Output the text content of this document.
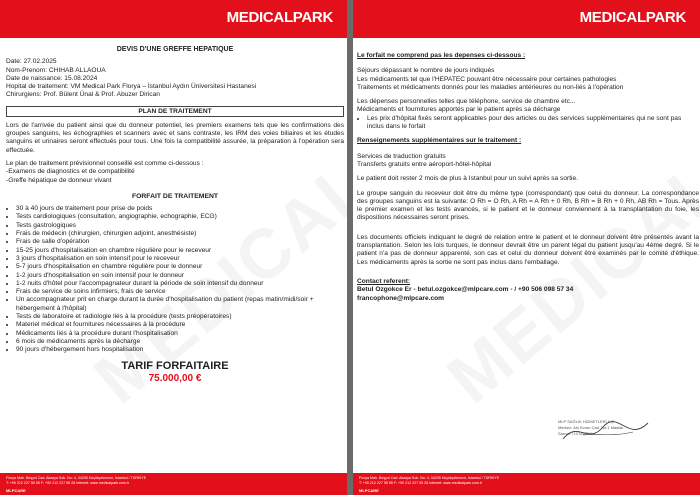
MEDICALPARK
DEVIS D'UNE GREFFE HEPATIQUE
Date: 27.02.2025
Nom-Prenom: CHIHAB ALLAOUA
Date de naissance: 15.08.2024
Hopital de traitement: VM Medical Park Florya – İstanbul Aydın Üniversitesi Hastanesi
Chirurgiens: Prof. Bülent Ünal & Prof. Abuzer Dirican
PLAN DE TRAITEMENT
Lors de l'arrivée du patient ainsi que du donneur potentiel, les premiers examens tels que les confirmations des groupes sanguins, les échographies et scanners avec et sans contraste, les IRM des voies biliaires et les études sanguins et urinaires seront effectués pour tous. Une fois la compatibilité assurée, la préparation à l'opération sera effectuée.
Le plan de traitement prévisionnel conseillé est comme ci-dessous :
-Examens de diagnostics et de compatibilité
-Greffe hépatique de donneur vivant
FORFAIT DE TRAITEMENT
• 30 à 40 jours de traitement pour prise de poids
• Tests cardiologiques (consultation, angiographie, echographie, ECG)
• Tests gastrologiques
• Frais de médecin (chirurgien, chirurgien adjoint, anesthésiste)
• Frais de salle d'opération
• 15-25 jours d'hospitalisation en chambre régulière pour le receveur
• 3 jours d'hospitalisation en soin intensif pour le receveur
• 5-7 jours d'hospitalisation en chambre régulière pour le donneur
• 1-2 jours d'hospitalisation en soin intensif pour le donneur
• 1-2 nuits d'hôtel pour l'accompagnateur durant la période de soin intensif du donneur
• Frais de service de soins infirmiers, frais de service
• Un accompagnateur prit en charge durant la durée d'hospitalisation du patient (repas matin/midi/soir + hébergement à l'hôpital)
• Tests de laboratoire et radiologie liés à la procédure (tests préopératoires)
• Materiel médical et fournitures nécessaires à la procédure
• Médicaments liés à la procédure durant l'hospitalisation
• 6 mois de médicaments après la décharge
• 90 jours d'hébergement hors hospitalisation
TARIF FORFAITAIRE
75.000,00 €
Florya Mah. Beşyol Cad. Akasya Sok. No: 4, 34295 Küçükçekmece, İstanbul / TÜRKİYE
T: +90 212 227 55 55 F: +90 212 227 55 28 internet: www.medicalpark.com.tr
MLPCARE
MEDICALPARK
Le forfait ne comprend pas les depenses ci-dessous :
Séjours dépassant le nombre de jours indiqués
Les médicaments tel que l'HEPATEC pouvant être nécessaire pour certaines pathologies
Traitements et médicaments donnés pour les maladies antérieures ou non-liés à l'opération
Les dépenses personnelles telles que téléphone, service de chambre etc...
Médicaments et fournitures apportés par le patient après sa décharge
• Les prix d'hôpital fixés seront applicables pour des articles ou des services supplémentaires qui ne sont pas inclus dans le forfait
Renseignements supplémentaires sur le traitement :
Services de traduction gratuits
Transferts gratuits entre aéroport-hôtel-hôpital
Le patient doit rester 2 mois de plus à Istanbul pour un suivi après sa sortie.
Le groupe sanguin du receveur doit être du même type (correspondant) que celui du donneur. La correspondance des groupes sanguins est la suivante: O Rh = O Rh, A Rh = A Rh + 0 Rh, B Rh = B Rh + 0 Rh, AB Rh = Tous. Après le premier examen et les tests avancés, si le patient et le donneur conviennent à la transplantation du foie, les dispositions nécessaires seront prises.
Les documents officiels indiquant le degré de relation entre le patient et le donneur doivent être présentés avant la transplantation. Selon les lois turques, le donneur devrait être un parent légal du patient jusqu'au 4ème degré. Si le patient n'a pas de donneur apparenté, son cas et celui du donneur doivent être examinés par le comité d'éthique. Les médicaments après la sortie ne sont pas inclus dans l'emballage.
Contact referent:
Betul Ozgokce Er - betul.ozgokce@mlpcare.com - / +90 506 098 57 34
francophone@mlpcare.com
MLP SAĞLIK HİZMETLERİ A.Ş.
Merkez: Ahi Evran Cad. No:1 Maslak
Sarıyer / İSTANBUL
Florya Mah. Beşyol Cad. Akasya Sok. No: 4, 34295 Küçükçekmece, İstanbul / TÜRKİYE
T: +90 212 227 55 55 F: +90 212 227 55 28 internet: www.medicalpark.com.tr
MLPCARE
